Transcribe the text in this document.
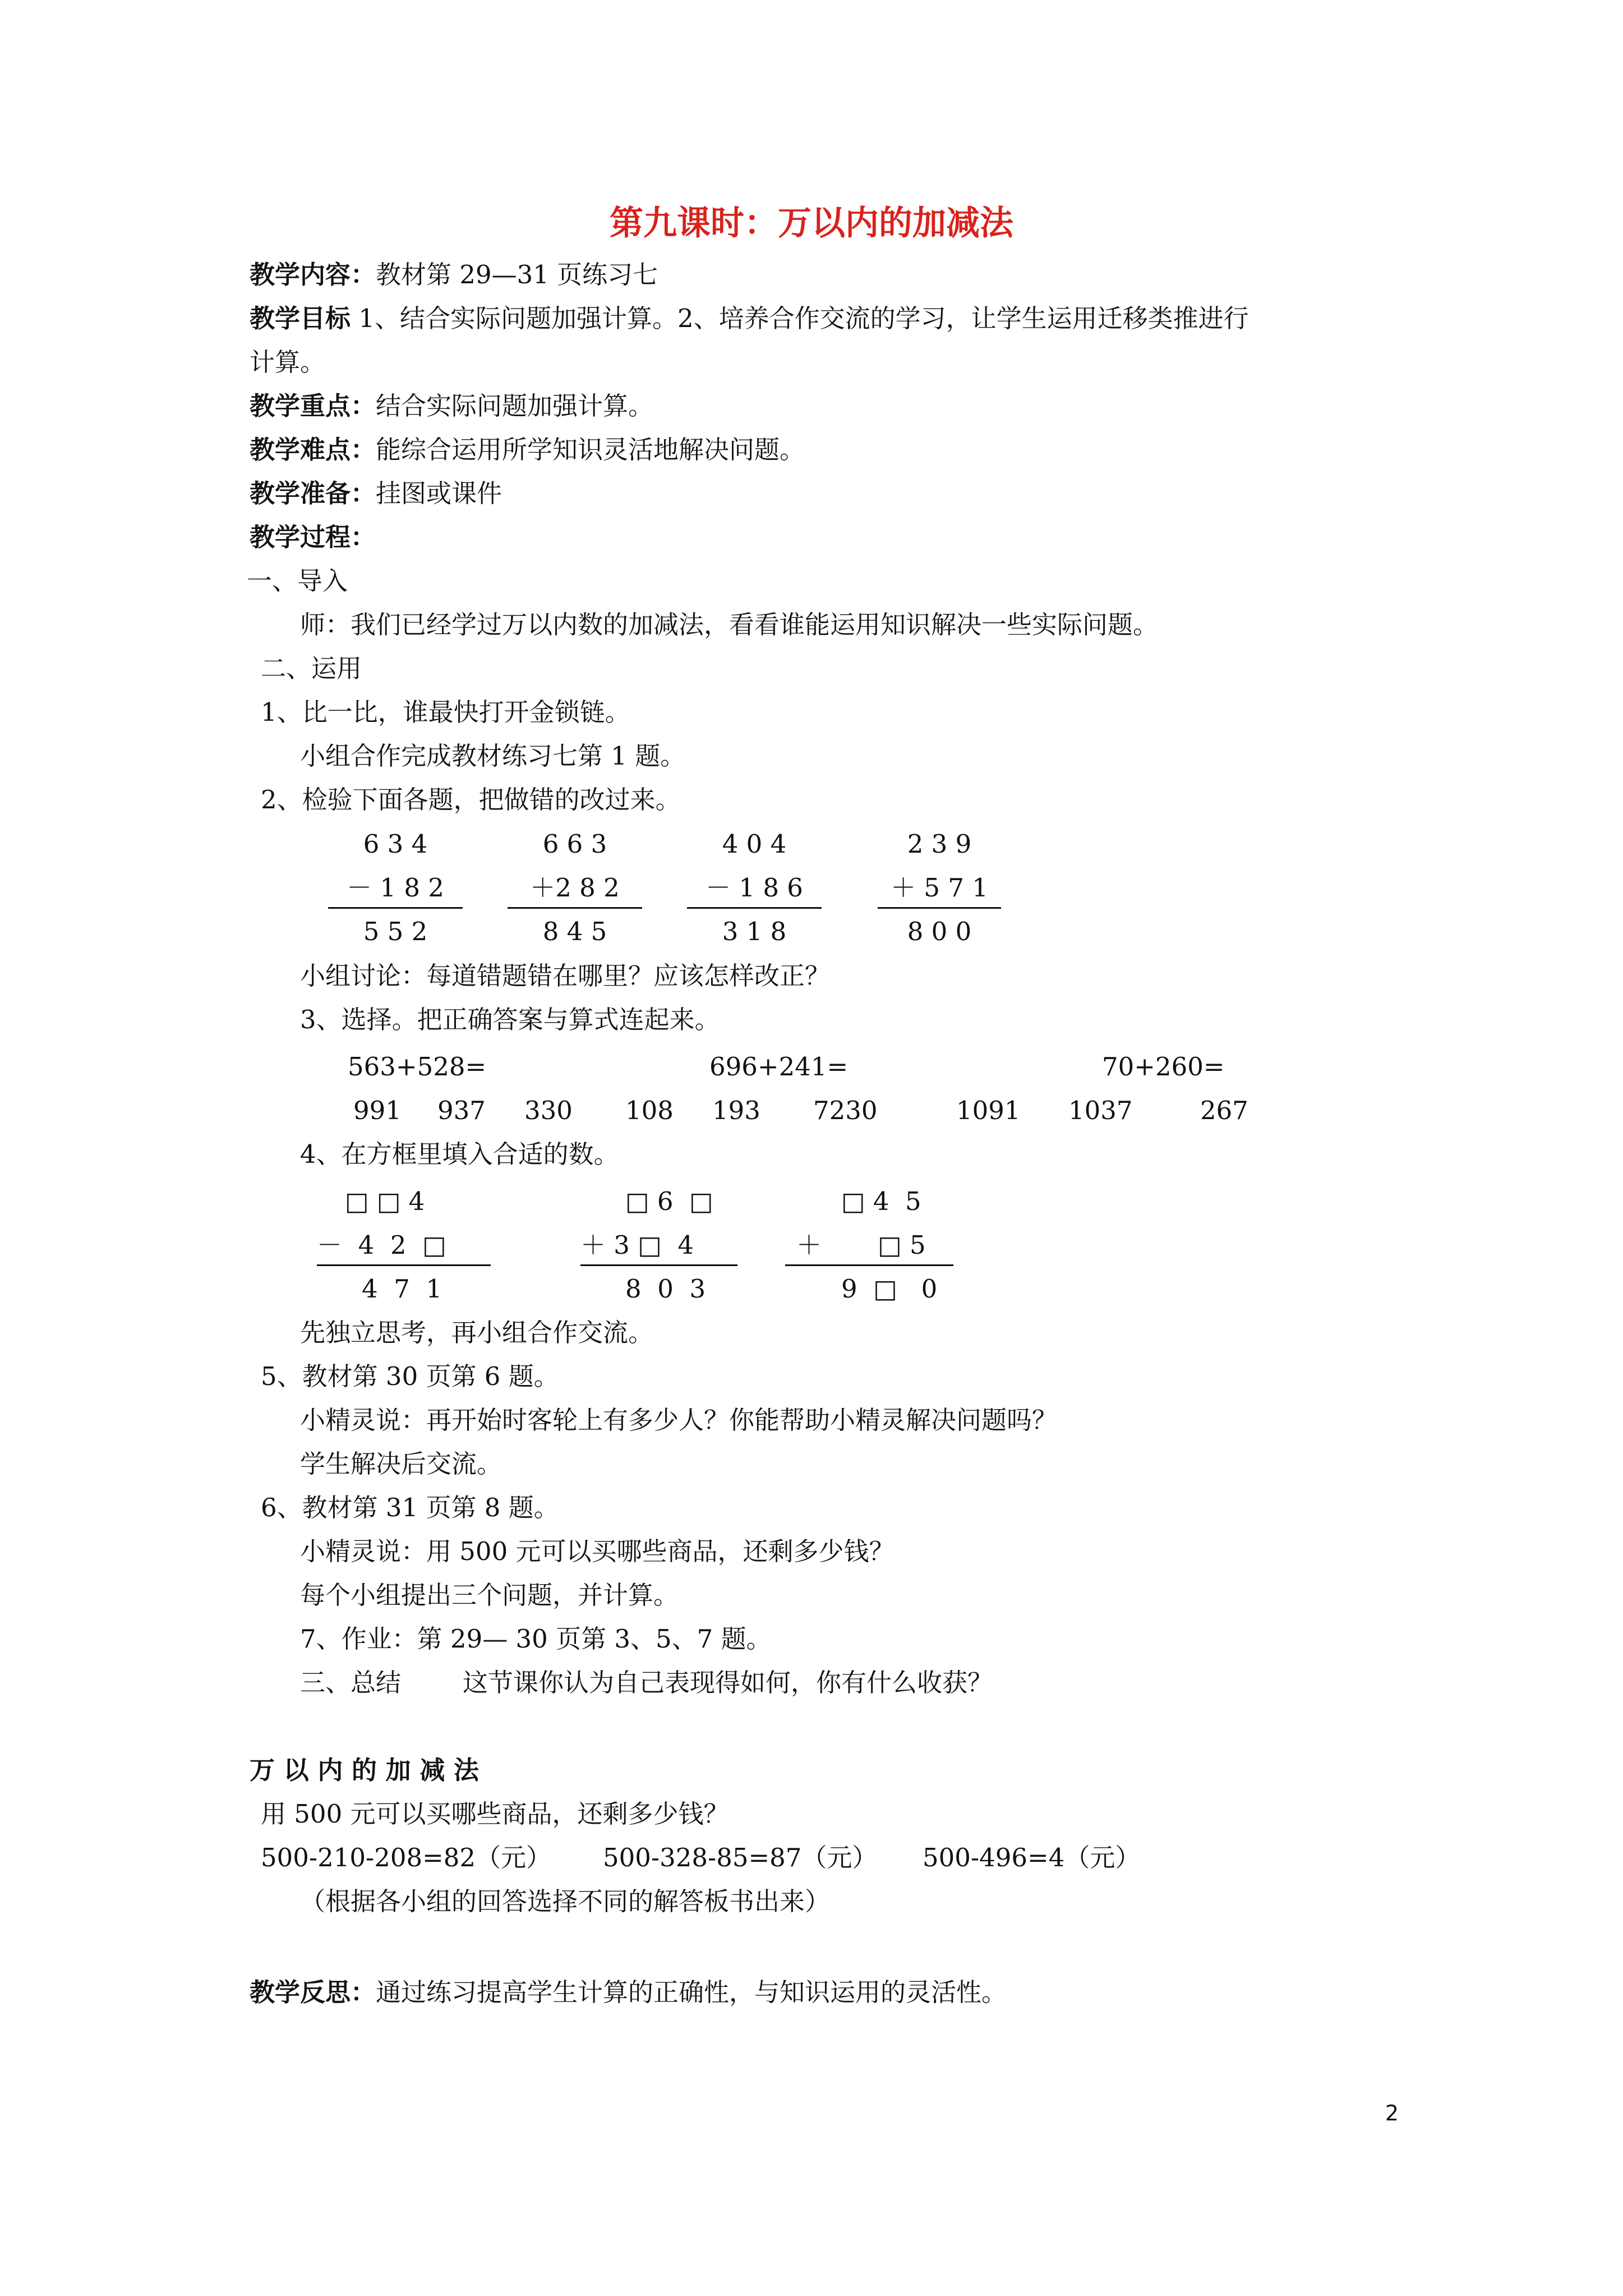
第九课时：万以内的加减法
教学内容：教材第 29—31 页练习七
教学目标 1、结合实际问题加强计算。2、培养合作交流的学习，让学生运用迁移类推进行
计算。
教学重点：结合实际问题加强计算。
教学难点：能综合运用所学知识灵活地解决问题。
教学准备：挂图或课件
教学过程：
一、导入
师：我们已经学过万以内数的加减法，看看谁能运用知识解决一些实际问题。
二、运用
1、比一比，谁最快打开金锁链。
小组合作完成教材练习七第 1 题。
2、检验下面各题，把做错的改过来。
6 3 4
－ 1 8 2
5 5 2
6 6 3
＋2 8 2
8 4 5
4 0 4
－ 1 8 6
3 1 8
2 3 9
＋ 5 7 1
8 0 0
小组讨论：每道错题错在哪里？应该怎样改正？
3、选择。把正确答案与算式连起来。
563+528=	696+241=	70+260=
991 937 330 108 193 7230	1091 1037	267
4、在方框里填入合适的数。
□ □ 4
－  4  2  □
4  7  1
□ 6  □
＋ 3 □  4
8  0  3
□ 4  5
＋       □ 5
9  □   0
先独立思考，再小组合作交流。
5、教材第 30 页第 6 题。
小精灵说：再开始时客轮上有多少人？你能帮助小精灵解决问题吗？
学生解决后交流。
6、教材第 31 页第 8 题。
小精灵说：用 500 元可以买哪些商品，还剩多少钱？
每个小组提出三个问题，并计算。
7、作业：第 29— 30 页第 3、5、7 题。
三、总结 这节课你认为自己表现得如何，你有什么收获？
万 以 内 的 加 减 法
用 500 元可以买哪些商品，还剩多少钱？
500-210-208=82（元） 500-328-85=87（元） 500-496=4（元）
（根据各小组的回答选择不同的解答板书出来）
教学反思：通过练习提高学生计算的正确性，与知识运用的灵活性。
2
